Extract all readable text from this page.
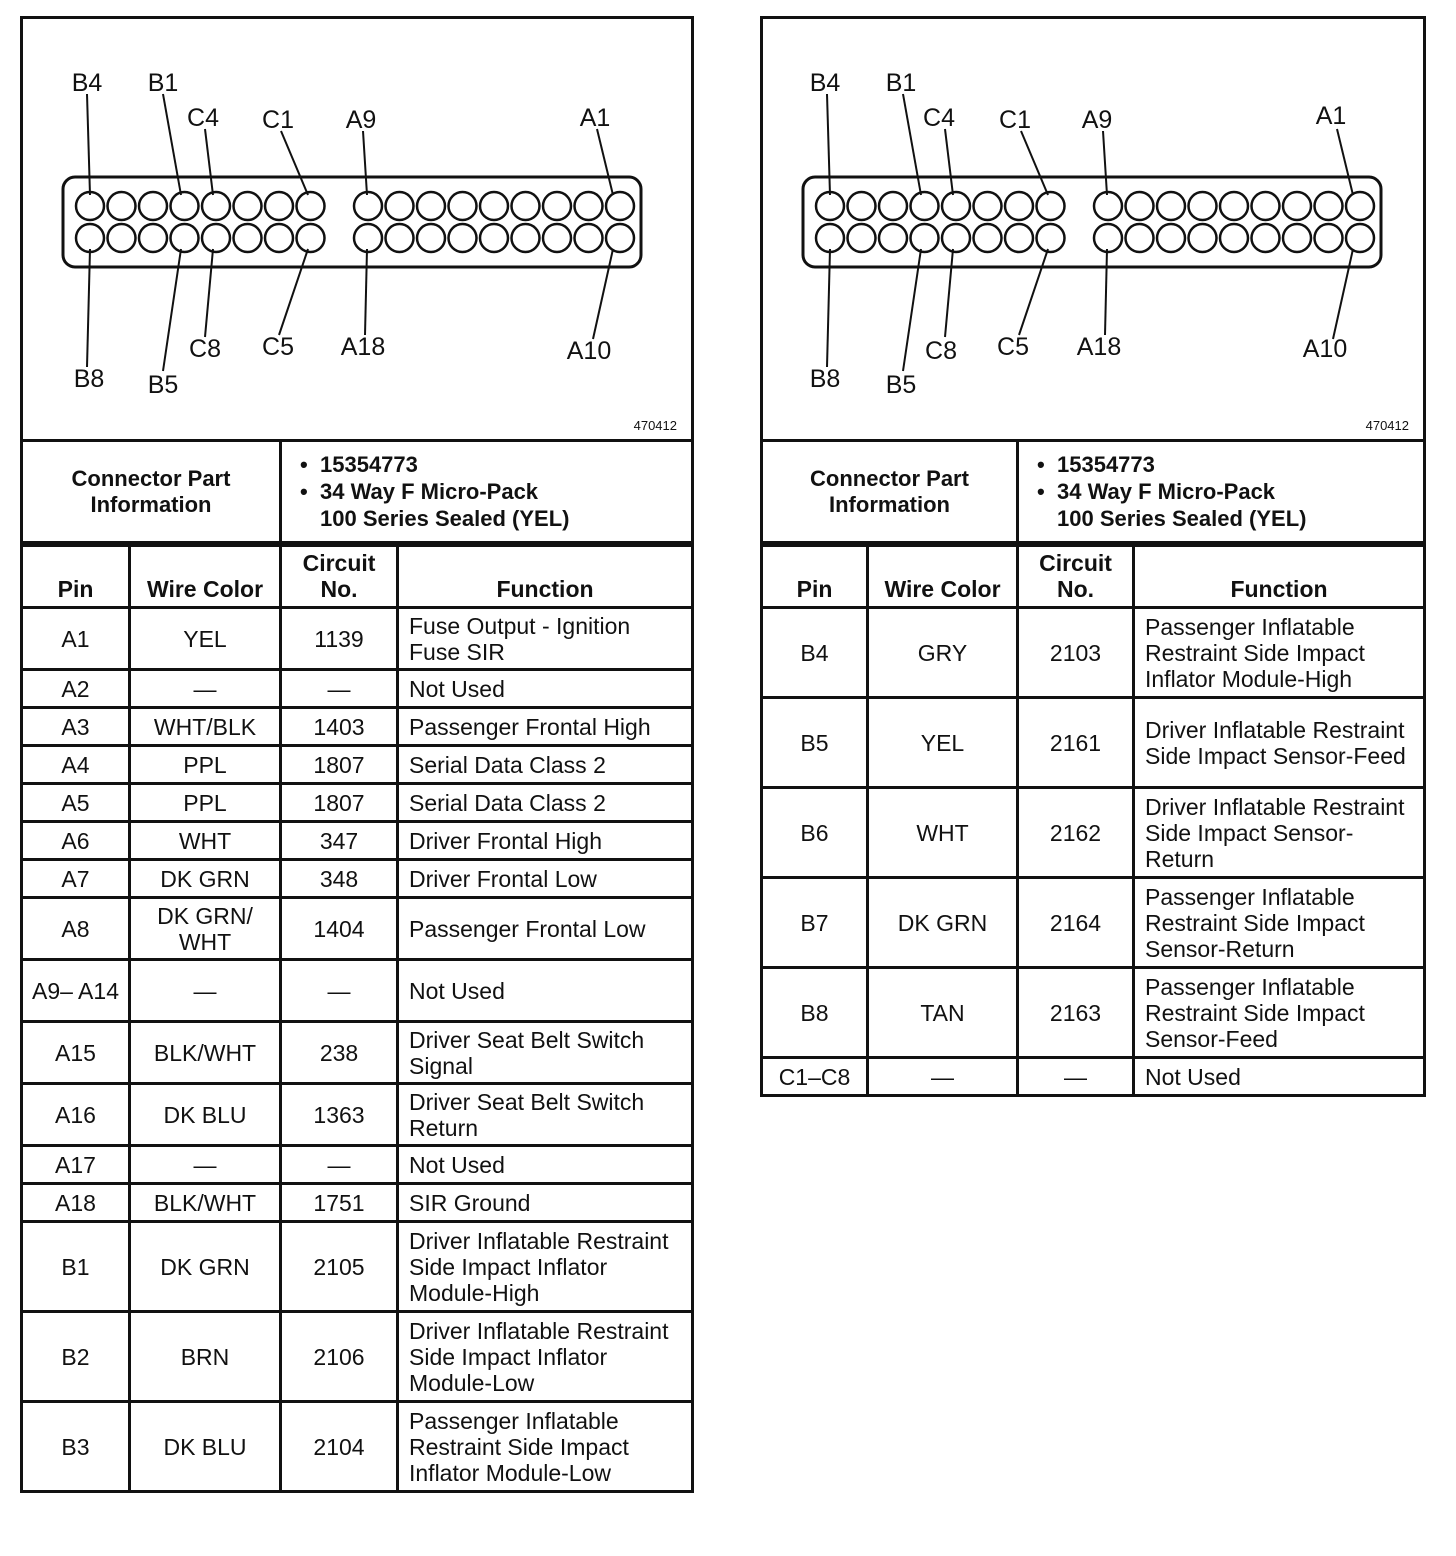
B4 B1
C4 C1 A9	A1
B8 B5
C8 C5 A18	A10
470412
Connector Part Information	
• 15354773
• 34 Way F Micro-Pack
100 Series Sealed (YEL)
Pin	Wire Color	Circuit No.	Function
A1	YEL	1139	Fuse Output - Ignition Fuse SIR
A2	—	—	Not Used
A3	WHT/BLK	1403	Passenger Frontal High
A4	PPL	1807	Serial Data Class 2
A5	PPL	1807	Serial Data Class 2
A6	WHT	347	Driver Frontal High
A7	DK GRN	348	Driver Frontal Low
A8	DK GRN/ WHT	1404	Passenger Frontal Low
A9– A14	—	—	Not Used
A15	BLK/WHT	238	Driver Seat Belt Switch Signal
A16	DK BLU	1363	Driver Seat Belt Switch Return
A17	—	—	Not Used
A18	BLK/WHT	1751	SIR Ground
B1	DK GRN	2105	Driver Inflatable Restraint Side Impact Inflator Module-High
B2	BRN	2106	Driver Inflatable Restraint Side Impact Inflator Module-Low
B3	DK BLU	2104	Passenger Inflatable Restraint Side Impact Inflator Module-Low
B4 B1
C4 C1 A9	A1
B8 B5
C8 C5 A18	A10
470412
Connector Part Information	
• 15354773
• 34 Way F Micro-Pack
100 Series Sealed (YEL)
Pin	Wire Color	Circuit No.	Function
B4	GRY	2103	Passenger Inflatable Restraint Side Impact Inflator Module-High
B5	YEL	2161	Driver Inflatable Restraint Side Impact Sensor-Feed
B6	WHT	2162	Driver Inflatable Restraint Side Impact Sensor-Return
B7	DK GRN	2164	Passenger Inflatable Restraint Side Impact Sensor-Return
B8	TAN	2163	Passenger Inflatable Restraint Side Impact Sensor-Feed
C1–C8	—	—	Not Used
